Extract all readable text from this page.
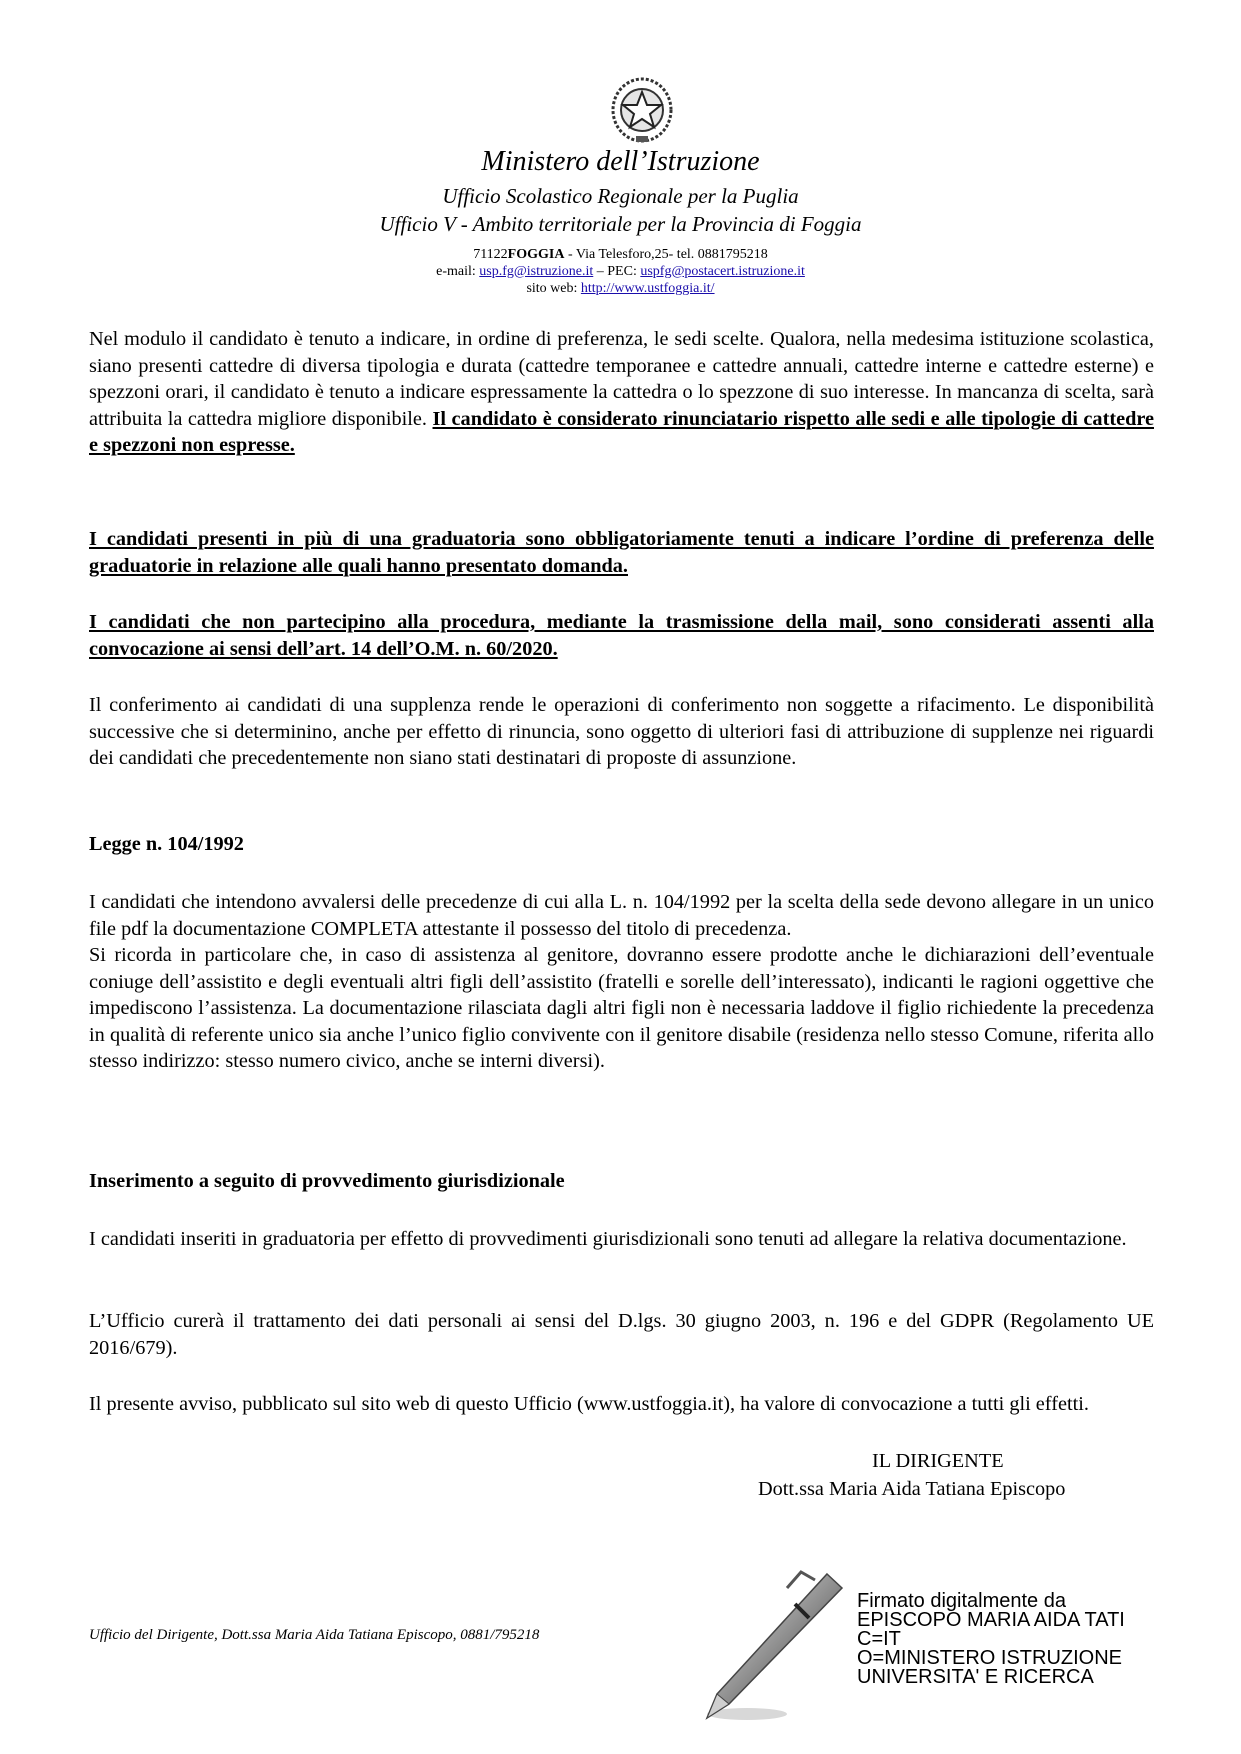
Ministero dell’Istruzione
Ufficio Scolastico Regionale per la Puglia
Ufficio V - Ambito territoriale per la Provincia di Foggia
71122FOGGIA - Via Telesforo,25- tel. 0881795218
e-mail: usp.fg@istruzione.it – PEC: uspfg@postacert.istruzione.it
sito web: http://www.ustfoggia.it/

Nel modulo il candidato è tenuto a indicare, in ordine di preferenza, le sedi scelte. Qualora, nella medesima istituzione scolastica, siano presenti cattedre di diversa tipologia e durata (cattedre temporanee e cattedre annuali, cattedre interne e cattedre esterne) e spezzoni orari, il candidato è tenuto a indicare espressamente la cattedra o lo spezzone di suo interesse. In mancanza di scelta, sarà attribuita la cattedra migliore disponibile. Il candidato è considerato rinunciatario rispetto alle sedi e alle tipologie di cattedre e spezzoni non espresse.

I candidati presenti in più di una graduatoria sono obbligatoriamente tenuti a indicare l’ordine di preferenza delle graduatorie in relazione alle quali hanno presentato domanda.

I candidati che non partecipino alla procedura, mediante la trasmissione della mail, sono considerati assenti alla convocazione ai sensi dell’art. 14 dell’O.M. n. 60/2020.

Il conferimento ai candidati di una supplenza rende le operazioni di conferimento non soggette a rifacimento. Le disponibilità successive che si determinino, anche per effetto di rinuncia, sono oggetto di ulteriori fasi di attribuzione di supplenze nei riguardi dei candidati che precedentemente non siano stati destinatari di proposte di assunzione.

Legge n. 104/1992

I candidati che intendono avvalersi delle precedenze di cui alla L. n. 104/1992 per la scelta della sede devono allegare in un unico file pdf la documentazione COMPLETA attestante il possesso del titolo di precedenza.

Si ricorda in particolare che, in caso di assistenza al genitore, dovranno essere prodotte anche le dichiarazioni dell’eventuale coniuge dell’assistito e degli eventuali altri figli dell’assistito (fratelli e sorelle dell’interessato), indicanti le ragioni oggettive che impediscono l’assistenza. La documentazione rilasciata dagli altri figli non è necessaria laddove il figlio richiedente la precedenza in qualità di referente unico sia anche l’unico figlio convivente con il genitore disabile (residenza nello stesso Comune, riferita allo stesso indirizzo: stesso numero civico, anche se interni diversi).

Inserimento a seguito di provvedimento giurisdizionale

I candidati inseriti in graduatoria per effetto di provvedimenti giurisdizionali sono tenuti ad allegare la relativa documentazione.

L’Ufficio curerà il trattamento dei dati personali ai sensi del D.lgs. 30 giugno 2003, n. 196 e del GDPR (Regolamento UE 2016/679).

Il presente avviso, pubblicato sul sito web di questo Ufficio (www.ustfoggia.it), ha valore di convocazione a tutti gli effetti.

IL DIRIGENTE
Dott.ssa Maria Aida Tatiana Episcopo
Firmato digitalmente da
EPISCOPO MARIA AIDA TATI
C=IT
O=MINISTERO ISTRUZIONE
UNIVERSITA' E RICERCA
Ufficio del Dirigente, Dott.ssa Maria Aida Tatiana Episcopo, 0881/795218
